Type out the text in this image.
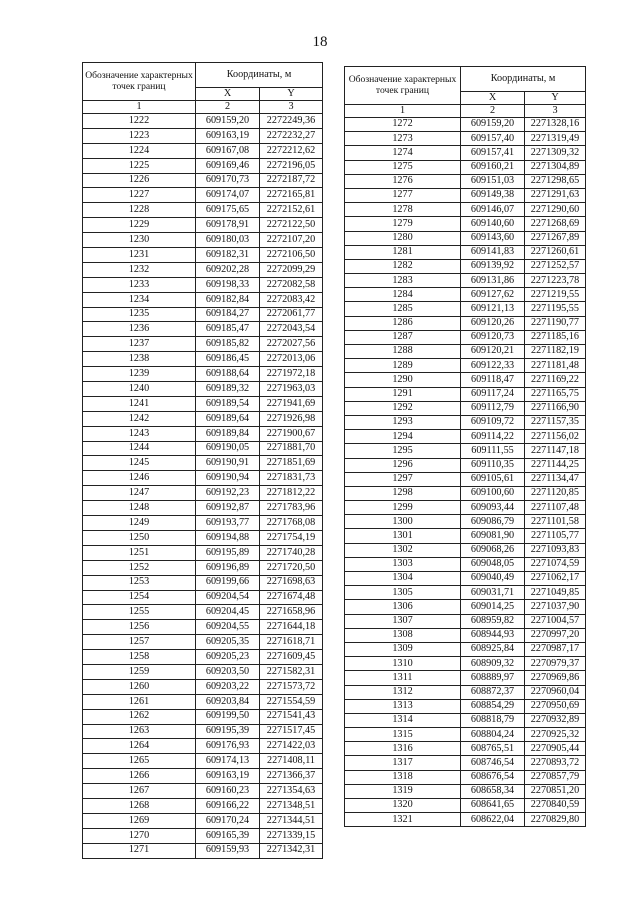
18
Обозначение характерных точек границ	Координаты, м	
	X	Y
1	2	3
1222	609159,20	2272249,36
1223	609163,19	2272232,27
1224	609167,08	2272212,62
1225	609169,46	2272196,05
1226	609170,73	2272187,72
1227	609174,07	2272165,81
1228	609175,65	2272152,61
1229	609178,91	2272122,50
1230	609180,03	2272107,20
1231	609182,31	2272106,50
1232	609202,28	2272099,29
1233	609198,33	2272082,58
1234	609182,84	2272083,42
1235	609184,27	2272061,77
1236	609185,47	2272043,54
1237	609185,82	2272027,56
1238	609186,45	2272013,06
1239	609188,64	2271972,18
1240	609189,32	2271963,03
1241	609189,54	2271941,69
1242	609189,64	2271926,98
1243	609189,84	2271900,67
1244	609190,05	2271881,70
1245	609190,91	2271851,69
1246	609190,94	2271831,73
1247	609192,23	2271812,22
1248	609192,87	2271783,96
1249	609193,77	2271768,08
1250	609194,88	2271754,19
1251	609195,89	2271740,28
1252	609196,89	2271720,50
1253	609199,66	2271698,63
1254	609204,54	2271674,48
1255	609204,45	2271658,96
1256	609204,55	2271644,18
1257	609205,35	2271618,71
1258	609205,23	2271609,45
1259	609203,50	2271582,31
1260	609203,22	2271573,72
1261	609203,84	2271554,59
1262	609199,50	2271541,43
1263	609195,39	2271517,45
1264	609176,93	2271422,03
1265	609174,13	2271408,11
1266	609163,19	2271366,37
1267	609160,23	2271354,63
1268	609166,22	2271348,51
1269	609170,24	2271344,51
1270	609165,39	2271339,15
1271	609159,93	2271342,31
Обозначение характерных точек границ	Координаты, м	
	X	Y
1	2	3
1272	609159,20	2271328,16
1273	609157,40	2271319,49
1274	609157,41	2271309,32
1275	609160,21	2271304,89
1276	609151,03	2271298,65
1277	609149,38	2271291,63
1278	609146,07	2271290,60
1279	609140,60	2271268,69
1280	609143,60	2271267,89
1281	609141,83	2271260,61
1282	609139,92	2271252,57
1283	609131,86	2271223,78
1284	609127,62	2271219,55
1285	609121,13	2271195,55
1286	609120,26	2271190,77
1287	609120,73	2271185,16
1288	609120,21	2271182,19
1289	609122,33	2271181,48
1290	609118,47	2271169,22
1291	609117,24	2271165,75
1292	609112,79	2271166,90
1293	609109,72	2271157,35
1294	609114,22	2271156,02
1295	609111,55	2271147,18
1296	609110,35	2271144,25
1297	609105,61	2271134,47
1298	609100,60	2271120,85
1299	609093,44	2271107,48
1300	609086,79	2271101,58
1301	609081,90	2271105,77
1302	609068,26	2271093,83
1303	609048,05	2271074,59
1304	609040,49	2271062,17
1305	609031,71	2271049,85
1306	609014,25	2271037,90
1307	608959,82	2271004,57
1308	608944,93	2270997,20
1309	608925,84	2270987,17
1310	608909,32	2270979,37
1311	608889,97	2270969,86
1312	608872,37	2270960,04
1313	608854,29	2270950,69
1314	608818,79	2270932,89
1315	608804,24	2270925,32
1316	608765,51	2270905,44
1317	608746,54	2270893,72
1318	608676,54	2270857,79
1319	608658,34	2270851,20
1320	608641,65	2270840,59
1321	608622,04	2270829,80
